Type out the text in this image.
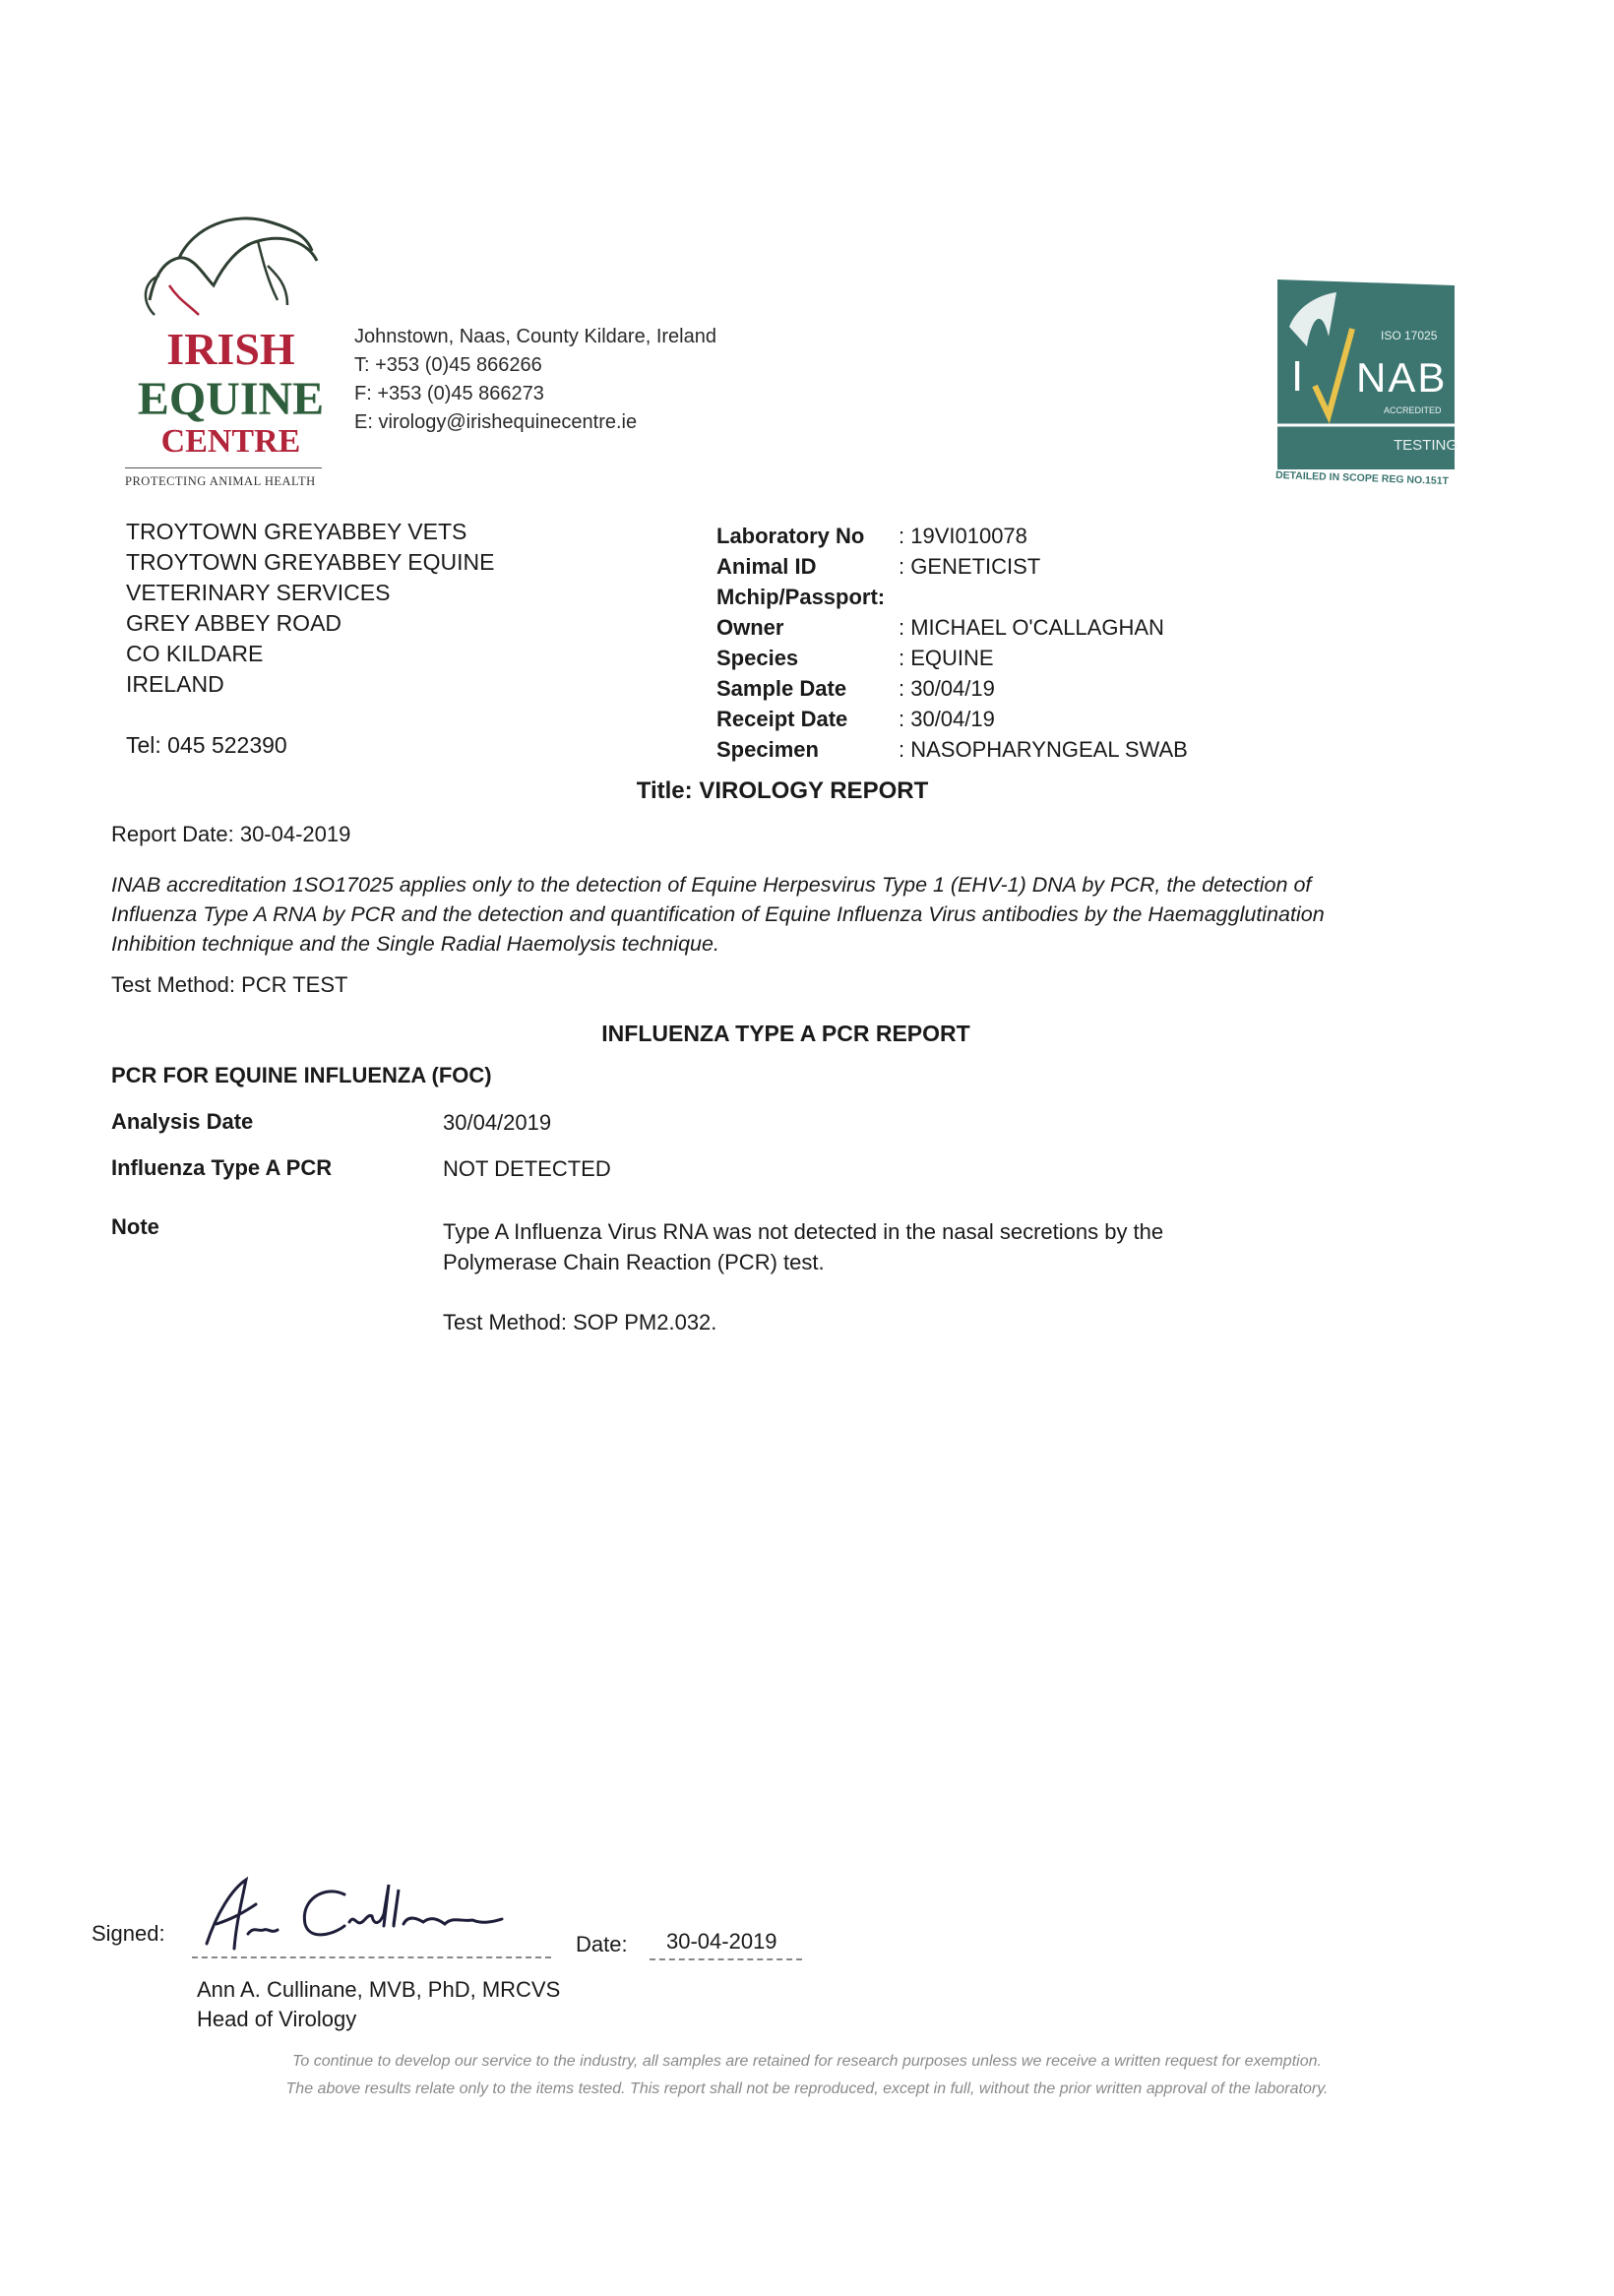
IRISH
EQUINE
CENTRE
PROTECTING ANIMAL HEALTH
Johnstown, Naas, County Kildare, Ireland
T: +353 (0)45 866266
F: +353 (0)45 866273
E: virology@irishequinecentre.ie
ISO 17025
I NAB
ACCREDITED
TESTING
DETAILED IN SCOPE REG NO.151T
TROYTOWN GREYABBEY VETS
TROYTOWN GREYABBEY EQUINE
VETERINARY SERVICES
GREY ABBEY ROAD
CO KILDARE
IRELAND
Tel: 045 522390
Laboratory No : 19VI010078
Animal ID	: GENETICIST
Mchip/Passport:
Owner	: MICHAEL O'CALLAGHAN
Species	: EQUINE
Sample Date : 30/04/19
Receipt Date : 30/04/19
Specimen	: NASOPHARYNGEAL SWAB
Title: VIROLOGY REPORT
Report Date: 30-04-2019
INAB accreditation 1SO17025 applies only to the detection of Equine Herpesvirus Type 1 (EHV-1) DNA by PCR, the detection of Influenza Type A RNA by PCR and the detection and quantification of Equine Influenza Virus antibodies by the Haemagglutination Inhibition technique and the Single Radial Haemolysis technique.
Test Method: PCR TEST
INFLUENZA TYPE A PCR REPORT
PCR FOR EQUINE INFLUENZA (FOC)
Analysis Date	30/04/2019
Influenza Type A PCR	NOT DETECTED
Note	Type A Influenza Virus RNA was not detected in the nasal secretions by the Polymerase Chain Reaction (PCR) test.
Test Method: SOP PM2.032.
Signed:	Date: 30-04-2019
Ann A. Cullinane, MVB, PhD, MRCVS
Head of Virology
To continue to develop our service to the industry, all samples are retained for research purposes unless we receive a written request for exemption.
The above results relate only to the items tested. This report shall not be reproduced, except in full, without the prior written approval of the laboratory.
